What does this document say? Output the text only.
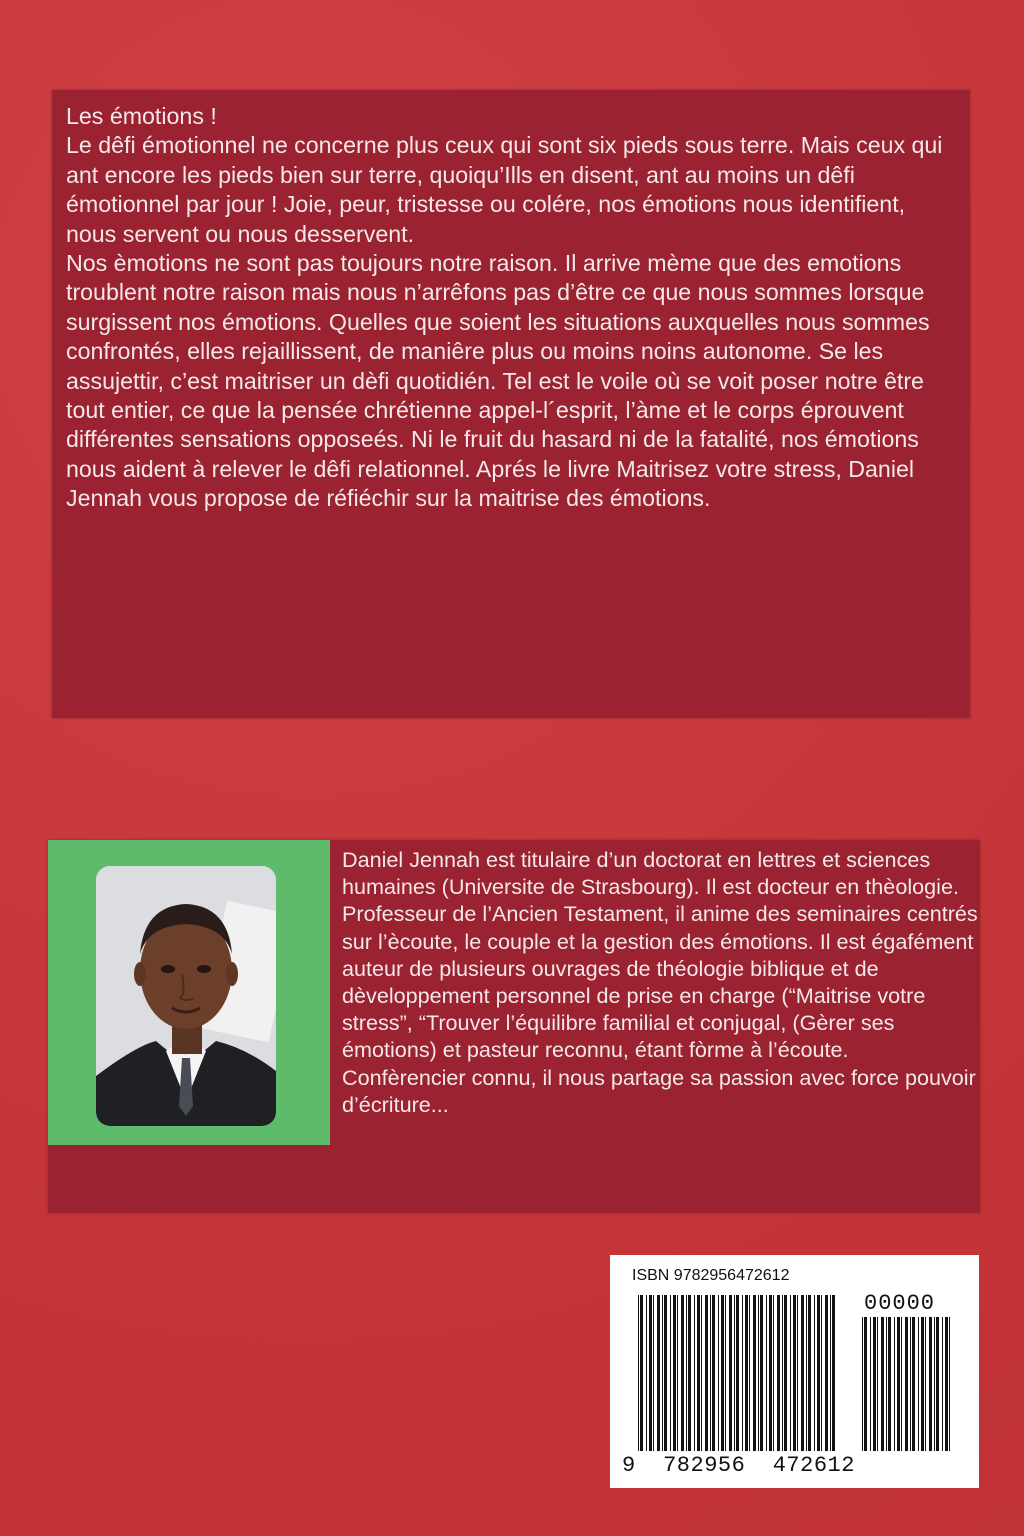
Les émotions !

Le dêfi émotionnel ne concerne plus ceux qui sont six pieds sous terre. Mais ceux qui ant encore les pieds bien sur terre, quoiqu’Ills en disent, ant au moins un dêfi émotionnel par jour ! Joie, peur, tristesse ou colére, nos émotions nous identifient, nous servent ou nous desservent.

Nos èmotions ne sont pas toujours notre raison. Il arrive mème que des emotions troublent notre raison mais nous n’arrêfons pas d’être ce que nous sommes lorsque surgissent nos émotions. Quelles que soient les situations auxquelles nous sommes confrontés, elles rejaillissent, de maniêre plus ou moins noins autonome. Se les assujettir, c’est maitriser un dèfi quotidién. Tel est le voile où se voit poser notre être tout entier, ce que la pensée chrétienne appel-l´esprit, l’àme et le corps éprouvent différentes sensations opposeés. Ni le fruit du hasard ni de la fatalité, nos émotions nous aident à relever le dêfi relationnel. Aprés le livre Maitrisez votre stress, Daniel Jennah vous propose de réfiéchir sur la maitrise des émotions.

Daniel Jennah est titulaire d’un doctorat en lettres et sciences humaines (Universite de Strasbourg). Il est docteur en thèologie. Professeur de l’Ancien Testament, il anime des seminaires centrés sur l’ècoute, le couple et la gestion des émotions. Il est égafément auteur de plusieurs ouvrages de théologie biblique et de dèveloppement personnel de prise en charge (“Maitrise votre stress”, “Trouver l’équilibre familial et conjugal, (Gèrer ses émotions) et pasteur reconnu, étant fòrme à l’écoute. Confèrencier connu, il nous partage sa passion avec force pouvoir d’écriture...

ISBN 9782956472612
00000
9  782956  472612
